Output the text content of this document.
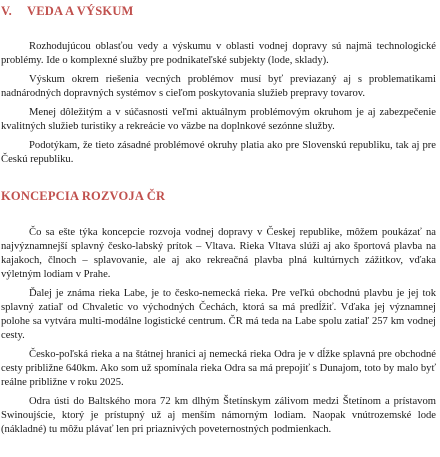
V. VEDA A VÝSKUM

Rozhodujúcou oblasťou vedy a výskumu v oblasti vodnej dopravy sú najmä technologické problémy. Ide o komplexné služby pre podnikateľské subjekty (lode, sklady).

Výskum okrem riešenia vecných problémov musí byť previazaný aj s problematikami nadnárodných dopravných systémov s cieľom poskytovania služieb prepravy tovarov.

Menej dôležitým a v súčasnosti veľmi aktuálnym problémovým okruhom je aj zabezpečenie kvalitných služieb turistiky a rekreácie vo väzbe na doplnkové sezónne služby.

Podotýkam, že tieto zásadné problémové okruhy platia ako pre Slovenskú republiku, tak aj pre Českú republiku.

KONCEPCIA ROZVOJA ČR

Čo sa ešte týka koncepcie rozvoja vodnej dopravy v Českej republike, môžem poukázať na najvýznamnejší splavný česko-labský prítok – Vltava. Rieka Vltava slúži aj ako športová plavba na kajakoch, člnoch – splavovanie, ale aj ako rekreačná plavba plná kultúrnych zážitkov, vďaka výletným lodiam v Prahe.

Ďalej je známa rieka Labe, je to česko-nemecká rieka. Pre veľkú obchodnú plavbu je jej tok splavný zatiaľ od Chvaletic vo východných Čechách, ktorá sa má predĺžiť. Vďaka jej významnej polohe sa vytvára multi-modálne logistické centrum. ČR má teda na Labe spolu zatiaľ 257 km vodnej cesty.

Česko-poľská rieka a na štátnej hranici aj nemecká rieka Odra je v dĺžke splavná pre obchodné cesty približne 640km. Ako som už spomínala rieka Odra sa má prepojiť s Dunajom, toto by malo byť reálne približne v roku 2025.

Odra ústi do Baltského mora 72 km dlhým Štetínskym zálivom medzi Štetínom a prístavom Swinoujście, ktorý je prístupný už aj menším námorným lodiam. Naopak vnútrozemské lode (nákladné) tu môžu plávať len pri priaznivých poveternostných podmienkach.
